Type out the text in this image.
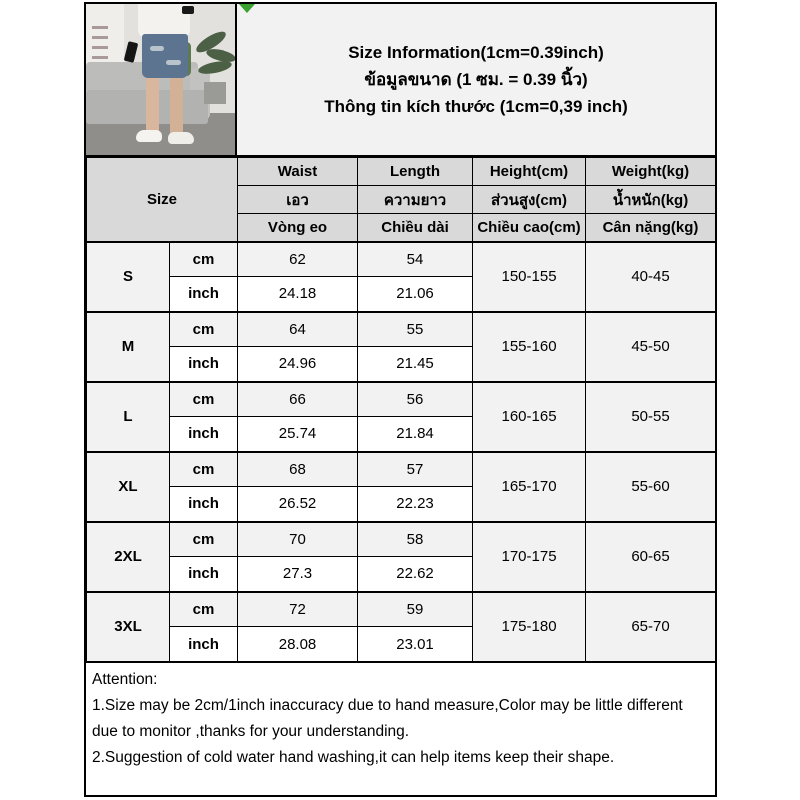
Size Information(1cm=0.39inch)
ข้อมูลขนาด (1 ซม. = 0.39 นิ้ว)
Thông tin kích thước (1cm=0,39 inch)
Size		Waist	Length	Height(cm)	Weight(kg)
		เอว	ความยาว	ส่วนสูง(cm)	น้ำหนัก(kg)
		Vòng eo	Chiều dài	Chiều cao(cm)	Cân nặng(kg)
S	cm	62	54	150-155	40-45
	inch	24.18	21.06		
M	cm	64	55	155-160	45-50
	inch	24.96	21.45		
L	cm	66	56	160-165	50-55
	inch	25.74	21.84		
XL	cm	68	57	165-170	55-60
	inch	26.52	22.23		
2XL	cm	70	58	170-175	60-65
	inch	27.3	22.62		
3XL	cm	72	59	175-180	65-70
	inch	28.08	23.01		
Attention:
1.Size may be 2cm/1inch inaccuracy due to hand measure,Color may be little different due to monitor ,thanks for your understanding.
2.Suggestion of cold water hand washing,it can help items keep their shape.
